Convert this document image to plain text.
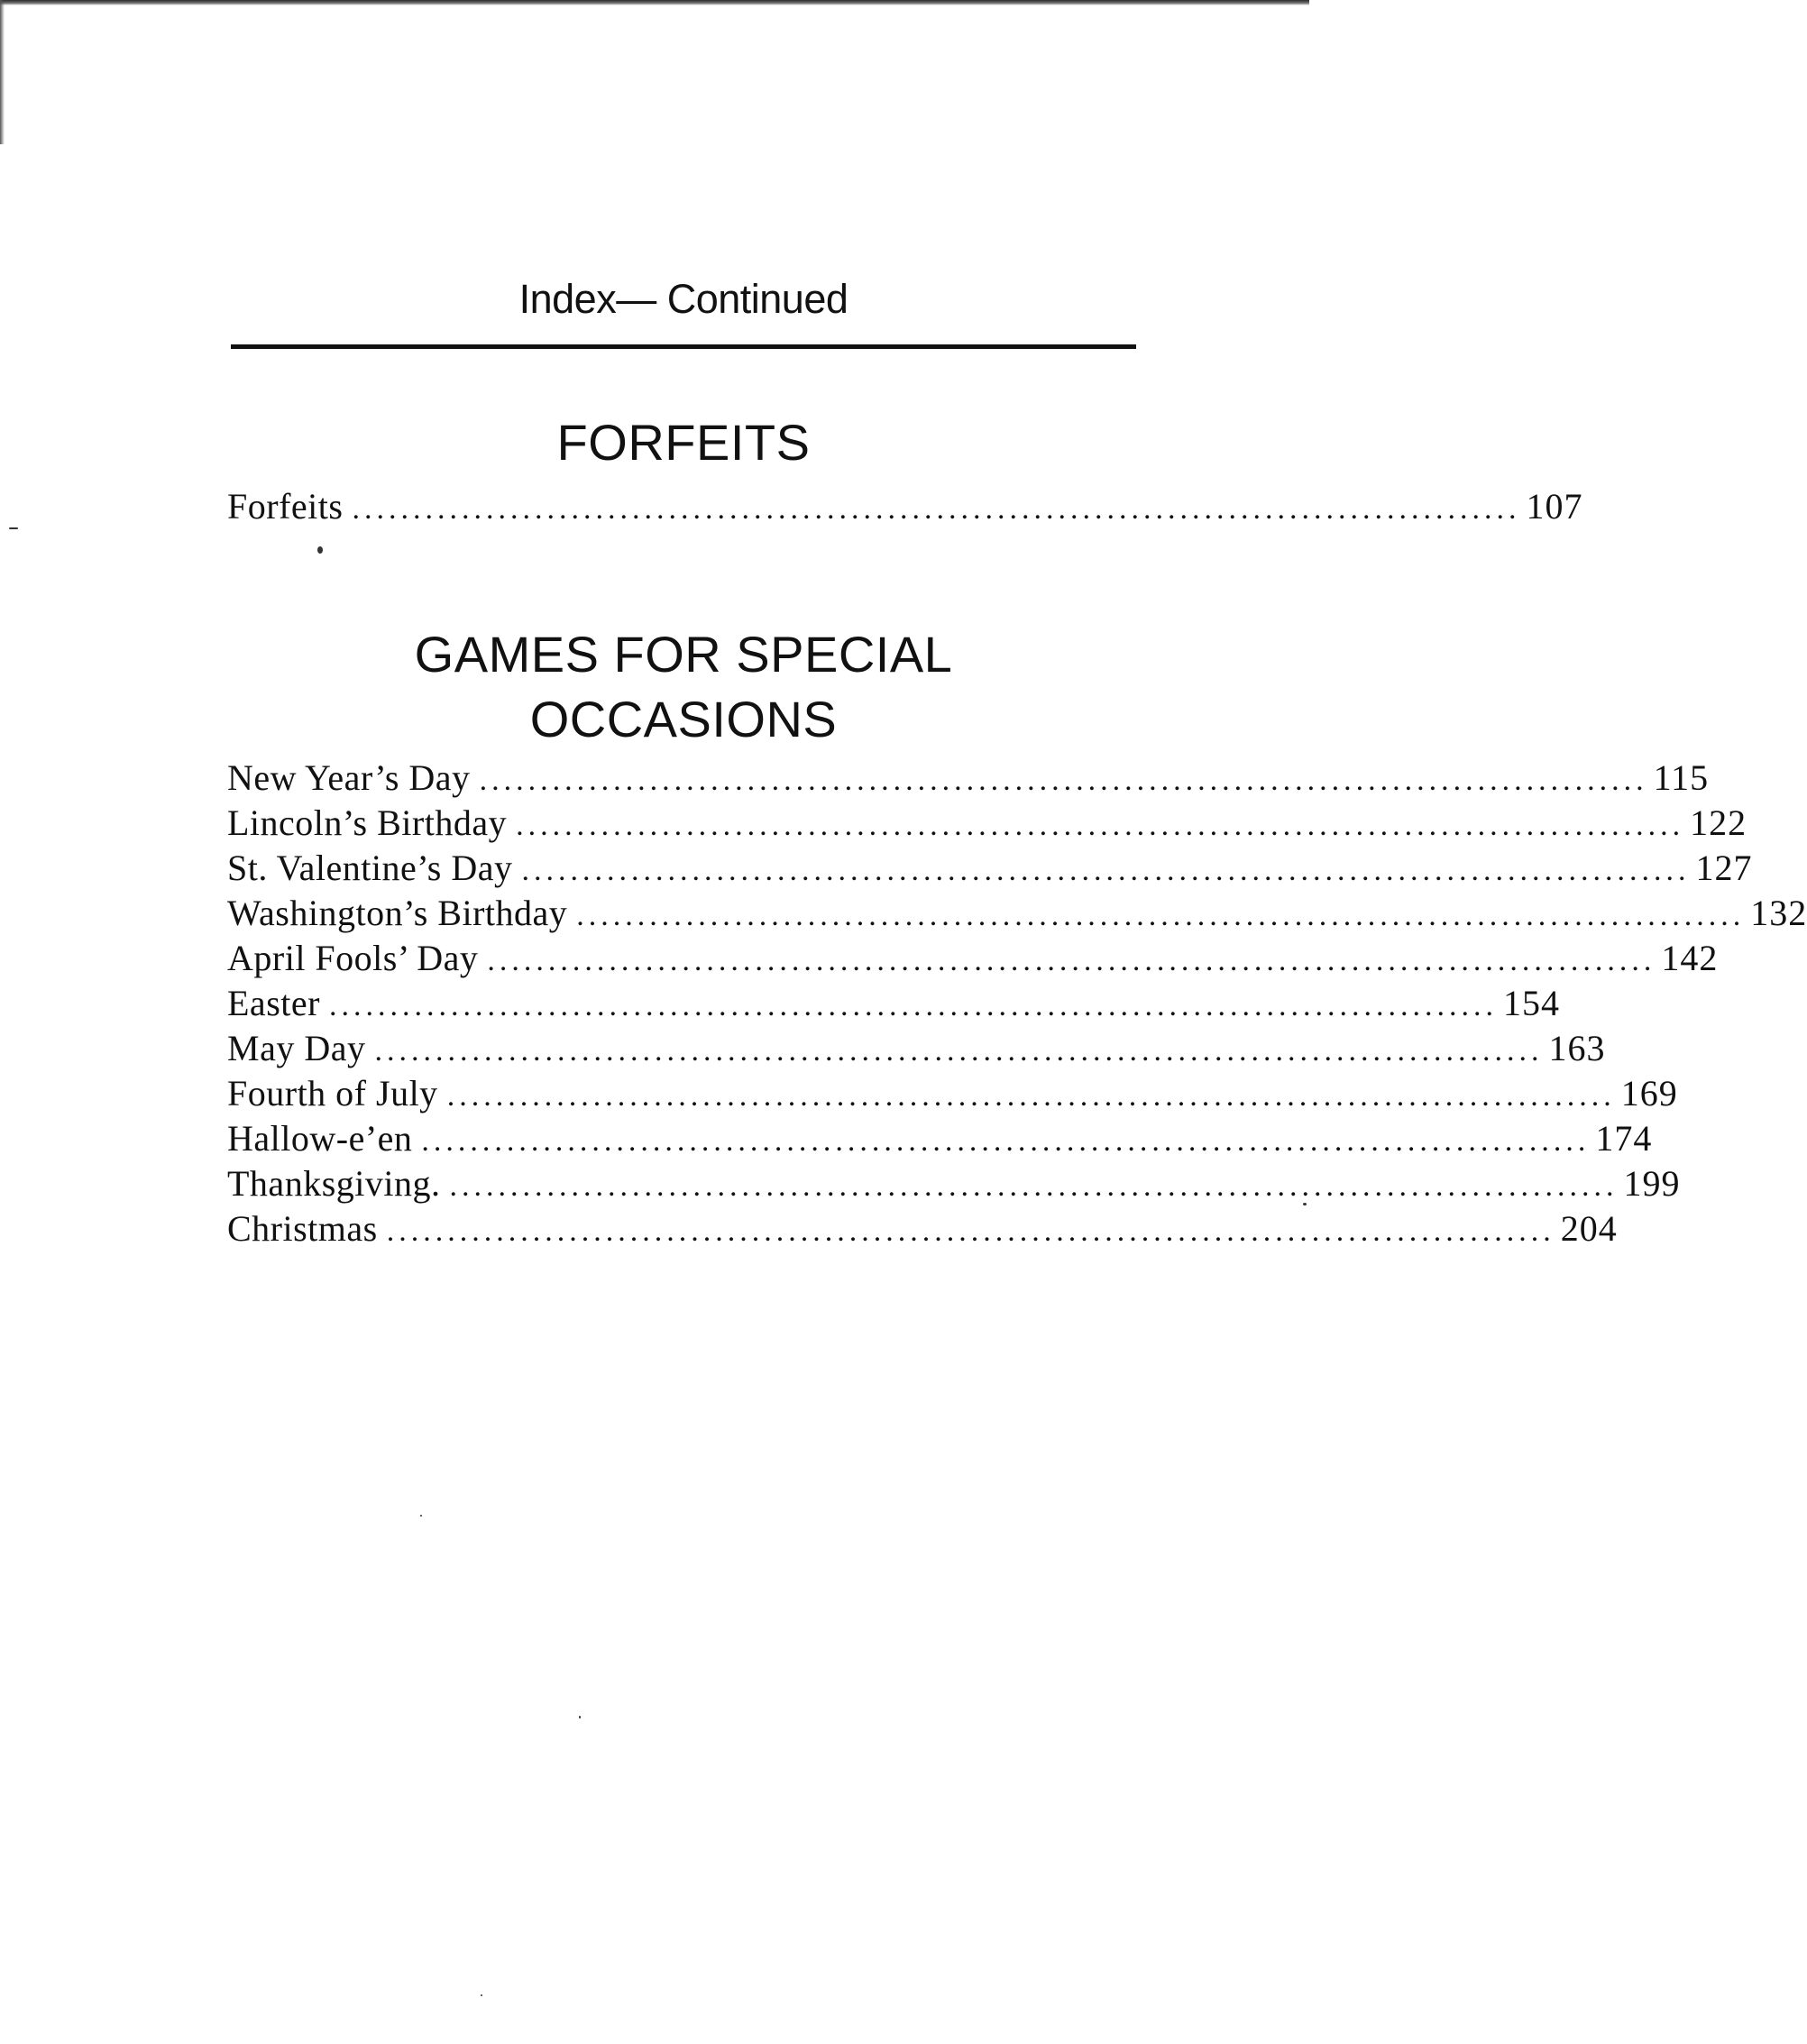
Index— Continued
FORFEITS
Forfeits ................................................................................................ 107
GAMES FOR SPECIAL
OCCASIONS
New Year’s Day ................................................................................................ 115
Lincoln’s Birthday ................................................................................................ 122
St. Valentine’s Day ................................................................................................ 127
Washington’s Birthday ................................................................................................ 132
April Fools’ Day ................................................................................................ 142
Easter ................................................................................................ 154
May Day ................................................................................................ 163
Fourth of July ................................................................................................ 169
Hallow-e’en ................................................................................................ 174
Thanksgiving. ................................................................................................ 199
Christmas ................................................................................................ 204
